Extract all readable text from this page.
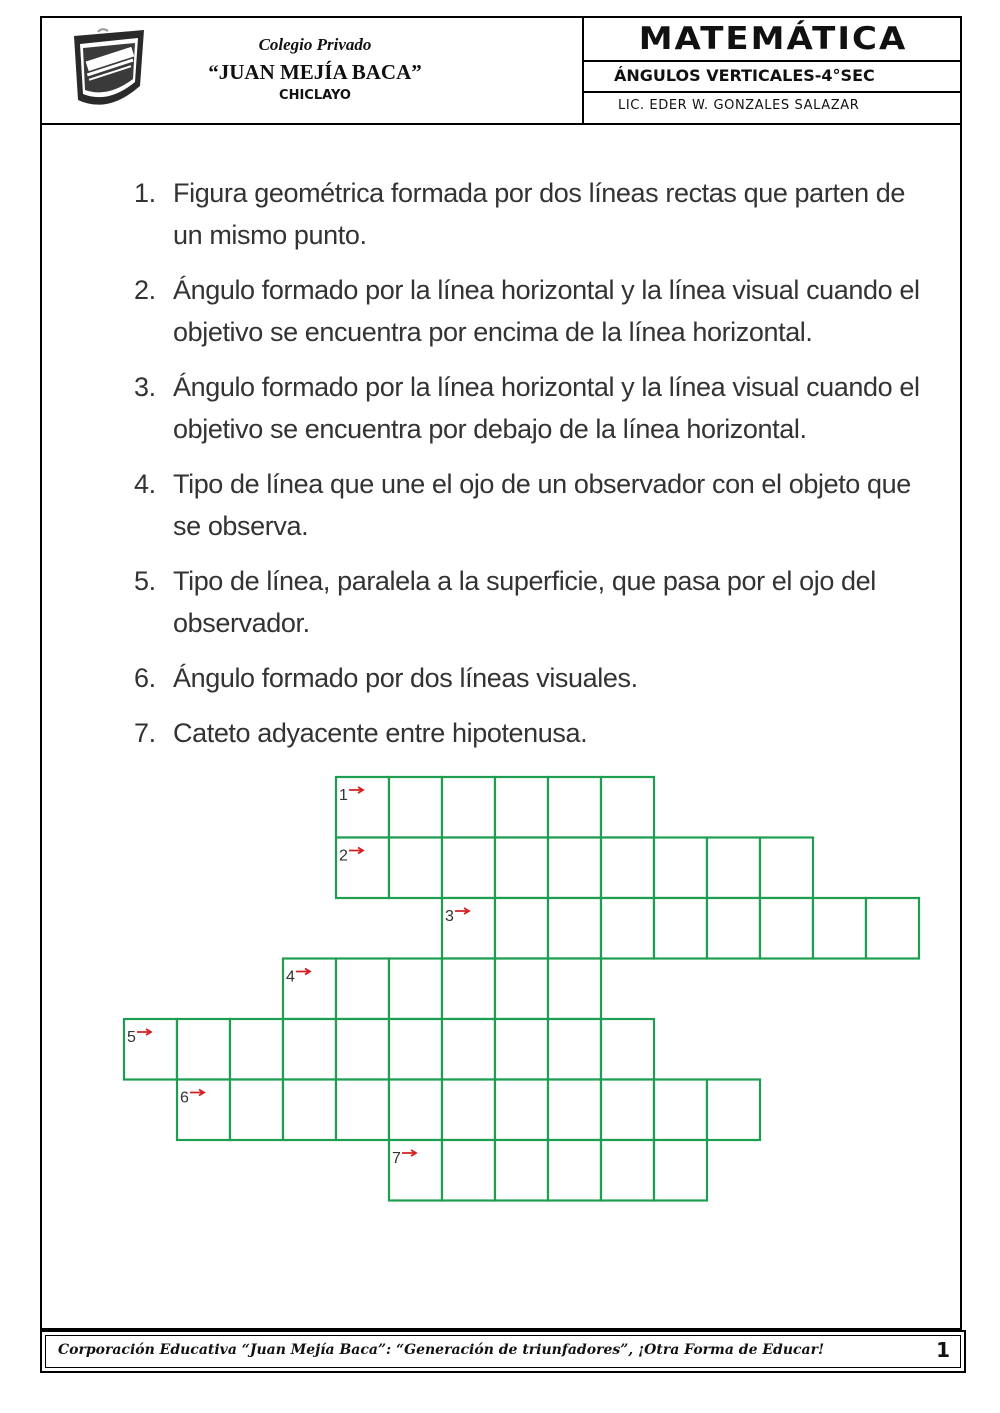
Colegio Privado
“JUAN MEJÍA BACA”
CHICLAYO
MATEMÁTICA
ÁNGULOS VERTICALES-4°SEC
LIC. EDER W. GONZALES SALAZAR
1. Figura geométrica formada por dos líneas rectas que parten de un mismo punto.
2. Ángulo formado por la línea horizontal y la línea visual cuando el objetivo se encuentra por encima de la línea horizontal.
3. Ángulo formado por la línea horizontal y la línea visual cuando el objetivo se encuentra por debajo de la línea horizontal.
4. Tipo de línea que une el ojo de un observador con el objeto que se observa.
5. Tipo de línea, paralela a la superficie, que pasa por el ojo del observador.
6. Ángulo formado por dos líneas visuales.
7. Cateto adyacente entre hipotenusa.
1
2
3
4
5
6
7
Corporación Educativa “Juan Mejía Baca”: “Generación de triunfadores”, ¡Otra Forma de Educar!	1
